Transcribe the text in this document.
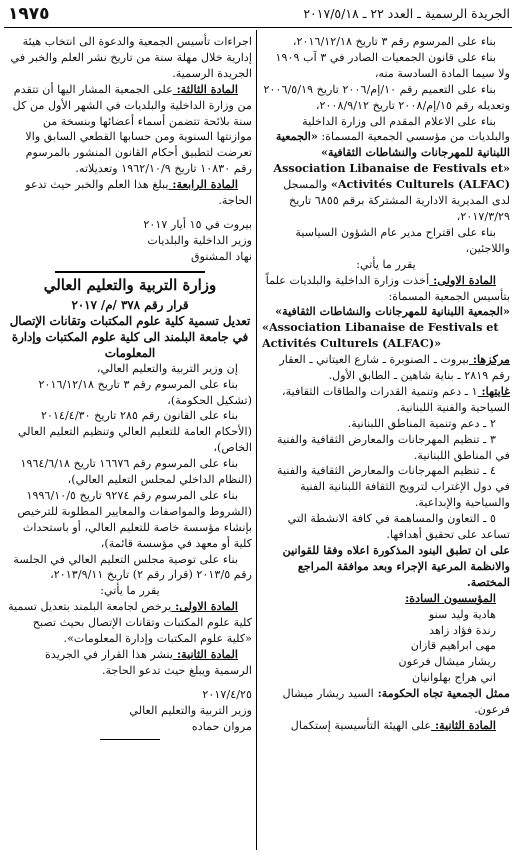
١٩٧٥	الجريدة الرسمية ـ العدد ٢٢ ـ ٢٠١٧/٥/١٨

بناء على المرسوم رقم ٣ تاريخ ٢٠١٦/١٢/١٨،

بناء على قانون الجمعيات الصادر في ٣ آب ١٩٠٩ ولا سيما المادة السادسة منه،

بناء على التعميم رقم ١٠/إم/٢٠٠٦ تاريخ ٢٠٠٦/٥/١٩ وتعديله رقم ١٥/إم/٢٠٠٨ تاريخ ٢٠٠٨/٩/١٢،

بناء على الاعلام المقدم الى وزارة الداخلية والبلديات من مؤسسي الجمعية المسماة: «الجمعية اللبنانية للمهرجانات والنشاطات الثقافية» «Association Libanaise de Festivals et Activités Culturels (ALFAC)» والمسجل لدى المديرية الادارية المشتركة برقم ٦٨٥٥ تاريخ ٢٠١٧/٣/٢٩،

بناء على اقتراح مدير عام الشؤون السياسية واللاجئين،

يقرر ما يأتي:

المادة الاولى: أخذت وزارة الداخلية والبلديات علماً بتأسيس الجمعية المسماة:

«الجمعية اللبنانية للمهرجانات والنشاطات الثقافية»

«Association Libanaise de Festivals et Activités Culturels (ALFAC)»

مركزها: بيروت ـ الصنوبرة ـ شارع العيتاني ـ العقار رقم ٢٨١٩ ـ بناية شاهين ـ الطابق الأول.

غايتها: ١ ـ دعم وتنمية القدرات والطاقات الثقافية، السياحية والفنية اللبنانية.

٢ ـ دعم وتنمية المناطق اللبنانية.

٣ ـ تنظيم المهرجانات والمعارض الثقافية والفنية في المناطق اللبنانية.

٤ ـ تنظيم المهرجانات والمعارض الثقافية والفنية في دول الإغتراب لترويج الثقافة اللبنانية الفنية والسياحية والإبداعية.

٥ ـ التعاون والمساهمة في كافة الانشطة التي تساعد على تحقيق أهدافها.

على ان تطبق البنود المذكورة اعلاه وفقا للقوانين والانظمة المرعية الإجراء وبعد موافقة المراجع المختصة.

المؤسسون السادة:

هادية وليد سنو

رندة فؤاد زاهد

مهى ابراهيم قازان

ريشار ميشال فرعون

اني هراج بهلوانيان

ممثل الجمعية تجاه الحكومة: السيد ريشار ميشال فرعون.

المادة الثانية: على الهيئة التأسيسية إستكمال

اجراءات تأسيس الجمعية والدعوة الى انتخاب هيئة إدارية خلال مهلة سنة من تاريخ نشر العلم والخبر في الجريدة الرسمية.

المادة الثالثة: على الجمعية المشار اليها أن تتقدم من وزارة الداخلية والبلديات في الشهر الأول من كل سنة بلائحة تتضمن أسماء أعضائها وبنسخة من موازنتها السنوية ومن حسابها القطعي السابق والا تعرضت لتطبيق أحكام القانون المنشور بالمرسوم رقم ١٠٨٣٠ تاريخ ١٩٦٢/١٠/٩ وتعديلاته.

المادة الرابعة: يبلغ هذا العلم والخبر حيث تدعو الحاجة.

بيروت في ١٥ أيار ٢٠١٧

وزير الداخلية والبلديات

نهاد المشنوق

وزارة التربية والتعليم العالي

قرار رقم ٣٧٨ /م/ ٢٠١٧

تعديل تسمية كلية علوم المكتبات وتقانات الإتصال في جامعة البلمند الى كلية علوم المكتبات وإدارة المعلومات

إن وزير التربية والتعليم العالي،

بناء على المرسوم رقم ٣ تاريخ ٢٠١٦/١٢/١٨ (تشكيل الحكومة)،

بناء على القانون رقم ٢٨٥ تاريخ ٢٠١٤/٤/٣٠ (الأحكام العامة للتعليم العالي وتنظيم التعليم العالي الخاص)،

بناء على المرسوم رقم ١٦٦٧٦ تاريخ ١٩٦٤/٦/١٨ (النظام الداخلي لمجلس التعليم العالي)،

بناء على المرسوم رقم ٩٢٧٤ تاريخ ١٩٩٦/١٠/٥ (الشروط والمواصفات والمعايير المطلوبة للترخيص بإنشاء مؤسسة خاصة للتعليم العالي، أو باستحداث كلية أو معهد في مؤسسة قائمة)،

بناء على توصية مجلس التعليم العالي في الجلسة رقم ٢٠١٣/٥ (قرار رقم ٢) تاريخ ٢٠١٣/٩/١١،

يقرر ما يأتي:

المادة الاولى: يرخص لجامعة البلمند بتعديل تسمية كلية علوم المكتبات وتقانات الإتصال بحيث تصبح «كلية علوم المكتبات وإدارة المعلومات».

المادة الثانية: ينشر هذا القرار في الجريدة الرسمية ويبلغ حيث تدعو الحاجة.

٢٠١٧/٤/٢٥

وزير التربية والتعليم العالي

مروان حماده
